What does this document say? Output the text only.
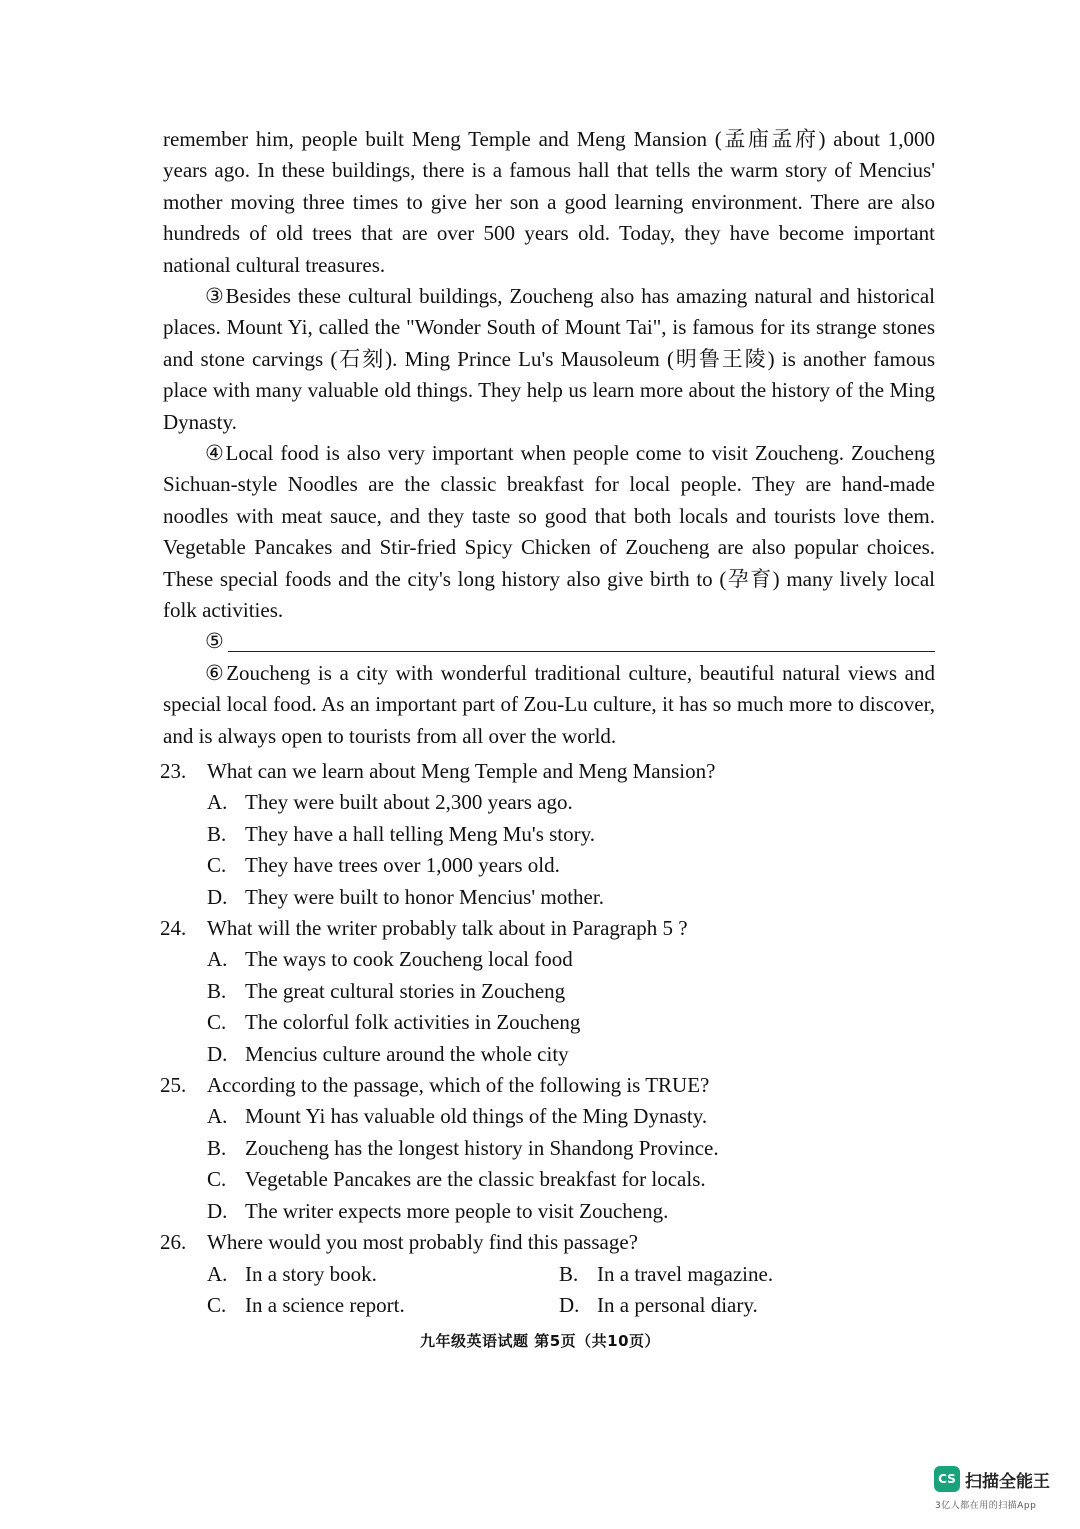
remember him, people built Meng Temple and Meng Mansion (孟庙孟府) about 1,000 years ago. In these buildings, there is a famous hall that tells the warm story of Mencius' mother moving three times to give her son a good learning environment. There are also hundreds of old trees that are over 500 years old. Today, they have become important national cultural treasures.

③Besides these cultural buildings, Zoucheng also has amazing natural and historical places. Mount Yi, called the "Wonder South of Mount Tai", is famous for its strange stones and stone carvings (石刻). Ming Prince Lu's Mausoleum (明鲁王陵) is another famous place with many valuable old things. They help us learn more about the history of the Ming Dynasty.

④Local food is also very important when people come to visit Zoucheng. Zoucheng Sichuan-style Noodles are the classic breakfast for local people. They are hand-made noodles with meat sauce, and they taste so good that both locals and tourists love them. Vegetable Pancakes and Stir-fried Spicy Chicken of Zoucheng are also popular choices. These special foods and the city's long history also give birth to (孕育) many lively local folk activities.

⑤

⑥Zoucheng is a city with wonderful traditional culture, beautiful natural views and special local food. As an important part of Zou-Lu culture, it has so much more to discover, and is always open to tourists from all over the world.

23. What can we learn about Meng Temple and Meng Mansion?
A. They were built about 2,300 years ago.
B. They have a hall telling Meng Mu's story.
C. They have trees over 1,000 years old.
D. They were built to honor Mencius' mother.
24. What will the writer probably talk about in Paragraph 5 ?
A. The ways to cook Zoucheng local food
B. The great cultural stories in Zoucheng
C. The colorful folk activities in Zoucheng
D. Mencius culture around the whole city
25. According to the passage, which of the following is TRUE?
A. Mount Yi has valuable old things of the Ming Dynasty.
B. Zoucheng has the longest history in Shandong Province.
C. Vegetable Pancakes are the classic breakfast for locals.
D. The writer expects more people to visit Zoucheng.
26. Where would you most probably find this passage?
A. In a story book.	B. In a travel magazine.
C. In a science report.	D. In a personal diary.
九年级英语试题 第5页（共10页）
CS 扫描全能王
3亿人都在用的扫描App
